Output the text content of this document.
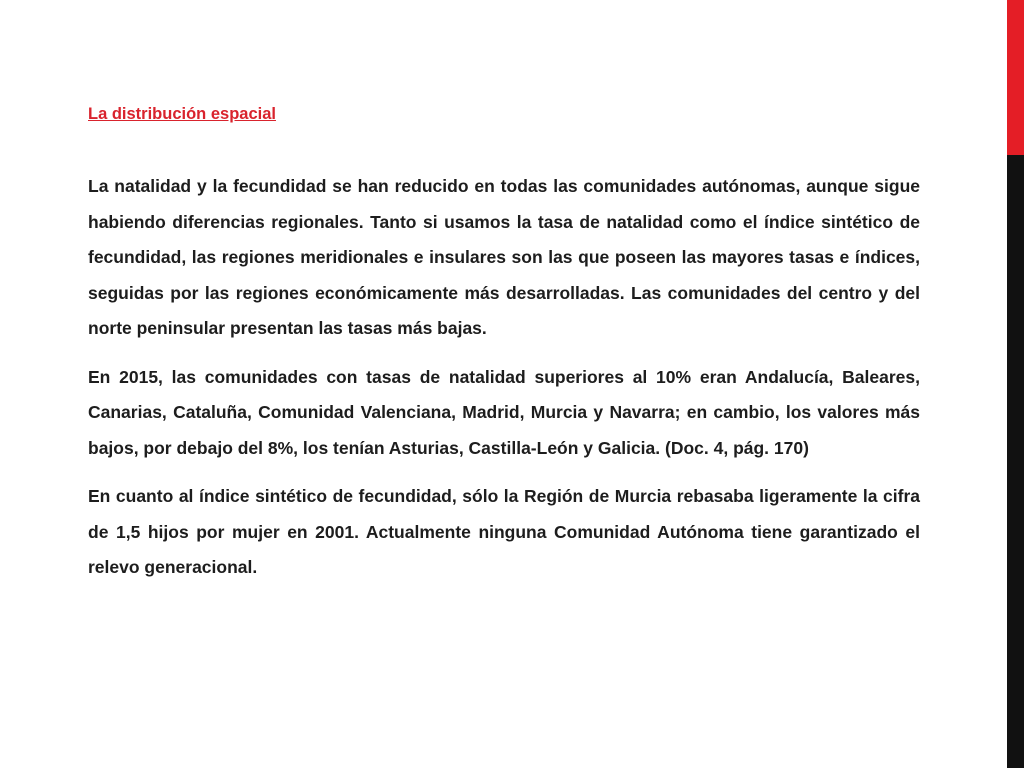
La distribución espacial

La natalidad y la fecundidad se han reducido en todas las comunidades autónomas, aunque sigue habiendo diferencias regionales. Tanto si usamos la tasa de natalidad como el índice sintético de fecundidad, las regiones meridionales e insulares son las que poseen las mayores tasas e índices, seguidas por las regiones económicamente más desarrolladas. Las comunidades del centro y del norte peninsular presentan las tasas más bajas.

En 2015, las comunidades con tasas de natalidad superiores al 10% eran Andalucía, Baleares, Canarias, Cataluña, Comunidad Valenciana, Madrid, Murcia y Navarra; en cambio, los valores más bajos, por debajo del 8%, los tenían Asturias, Castilla-León y Galicia. (Doc. 4, pág. 170)

En cuanto al índice sintético de fecundidad, sólo la Región de Murcia rebasaba ligeramente la cifra de 1,5 hijos por mujer en 2001. Actualmente ninguna Comunidad Autónoma tiene garantizado el relevo generacional.
